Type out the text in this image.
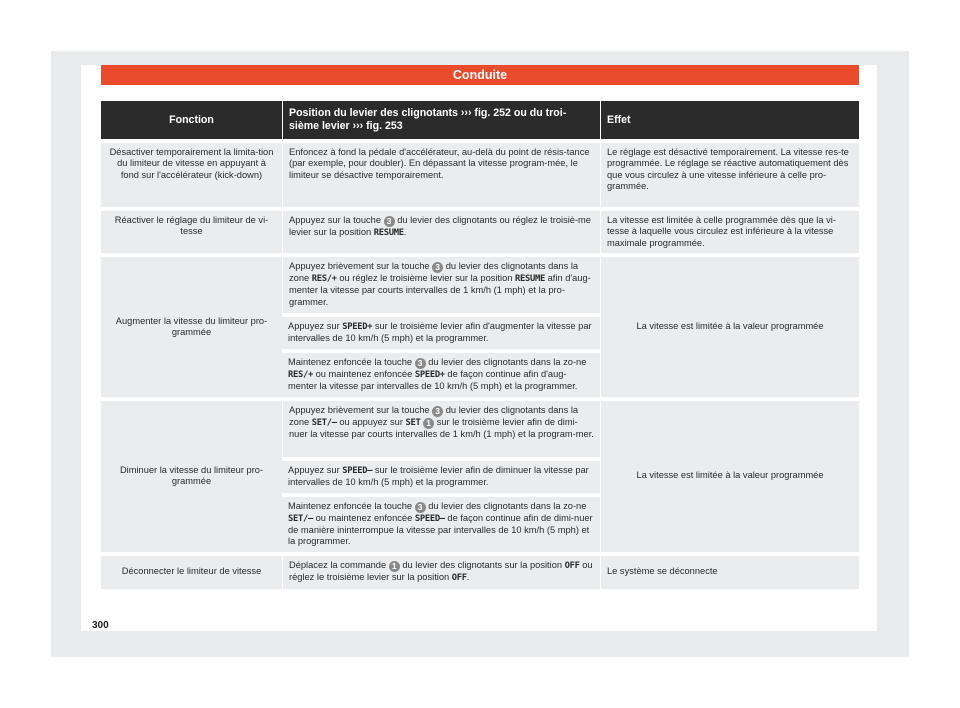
Conduite
Fonction	Position du levier des clignotants ››› fig. 252 ou du troi-sième levier ››› fig. 253	Effet
Désactiver temporairement la limita-tion du limiteur de vitesse en appuyant à fond sur l'accélérateur (kick-down)	Enfoncez à fond la pédale d'accélérateur, au-delà du point de résis-tance (par exemple, pour doubler). En dépassant la vitesse program-mée, le limiteur se désactive temporairement.	Le réglage est désactivé temporairement. La vitesse res-te programmée. Le réglage se réactive automatiquement dès que vous circulez à une vitesse inférieure à celle pro-grammée.
Réactiver le réglage du limiteur de vi-tesse	Appuyez sur la touche 3 du levier des clignotants ou réglez le troisiè-me levier sur la position RESUME.	La vitesse est limitée à celle programmée dès que la vi-tesse à laquelle vous circulez est inférieure à la vitesse maximale programmée.
Augmenter la vitesse du limiteur pro-grammée	Appuyez brièvement sur la touche 3 du levier des clignotants dans la zone RES/+ ou réglez le troisième levier sur la position RESUME afin d'aug-menter la vitesse par courts intervalles de 1 km/h (1 mph) et la pro-grammer.	La vitesse est limitée à la valeur programmée
	Appuyez sur SPEED+ sur le troisième levier afin d'augmenter la vitesse par intervalles de 10 km/h (5 mph) et la programmer.	
	Maintenez enfoncée la touche 3 du levier des clignotants dans la zo-ne RES/+ ou maintenez enfoncée SPEED+ de façon continue afin d'aug-menter la vitesse par intervalles de 10 km/h (5 mph) et la programmer.	
Diminuer la vitesse du limiteur pro-grammée	Appuyez brièvement sur la touche 3 du levier des clignotants dans la zone SET/– ou appuyez sur SET 1 sur le troisième levier afin de dimi-nuer la vitesse par courts intervalles de 1 km/h (1 mph) et la program-mer.	La vitesse est limitée à la valeur programmée
	Appuyez sur SPEED– sur le troisième levier afin de diminuer la vitesse par intervalles de 10 km/h (5 mph) et la programmer.	
	Maintenez enfoncée la touche 3 du levier des clignotants dans la zo-ne SET/– ou maintenez enfoncée SPEED– de façon continue afin de dimi-nuer de manière ininterrompue la vitesse par intervalles de 10 km/h (5 mph) et la programmer.	
Déconnecter le limiteur de vitesse	Déplacez la commande 1 du levier des clignotants sur la position OFF ou réglez le troisième levier sur la position OFF.	Le système se déconnecte
300
